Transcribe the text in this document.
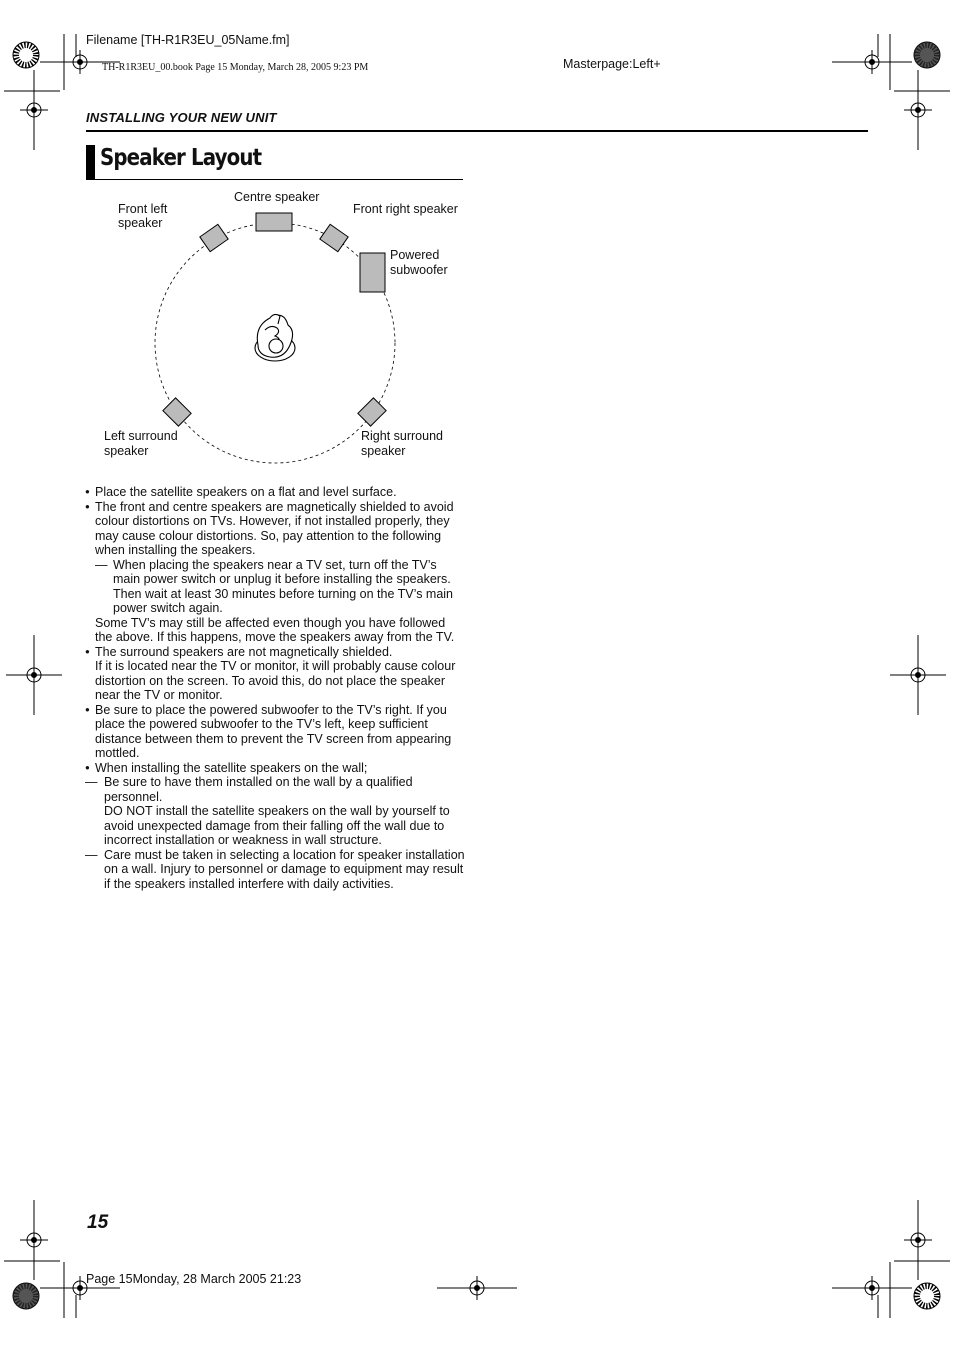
Filename [TH-R1R3EU_05Name.fm]
TH-R1R3EU_00.book Page 15 Monday, March 28, 2005 9:23 PM	Masterpage:Left+
INSTALLING YOUR NEW UNIT
Speaker Layout
Centre speaker
Front left
speaker
Front right speaker
Powered
subwoofer
Left surround
speaker
Right surround
speaker
● Place the satellite speakers on a flat and level surface.
● The front and centre speakers are magnetically shielded to avoid colour distortions on TVs. However, if not installed properly, they may cause colour distortions. So, pay attention to the following when installing the speakers.
— When placing the speakers near a TV set, turn off the TV’s main power switch or unplug it before installing the speakers. Then wait at least 30 minutes before turning on the TV’s main power switch again.
Some TV’s may still be affected even though you have followed the above. If this happens, move the speakers away from the TV.
● The surround speakers are not magnetically shielded.
If it is located near the TV or monitor, it will probably cause colour distortion on the screen. To avoid this, do not place the speaker near the TV or monitor.
● Be sure to place the powered subwoofer to the TV’s right. If you place the powered subwoofer to the TV’s left, keep sufficient distance between them to prevent the TV screen from appearing mottled.
● When installing the satellite speakers on the wall;
— Be sure to have them installed on the wall by a qualified personnel.
DO NOT install the satellite speakers on the wall by yourself to avoid unexpected damage from their falling off the wall due to incorrect installation or weakness in wall structure.
— Care must be taken in selecting a location for speaker installation on a wall. Injury to personnel or damage to equipment may result if the speakers installed interfere with daily activities.
15
Page 15Monday, 28 March 2005 21:23
